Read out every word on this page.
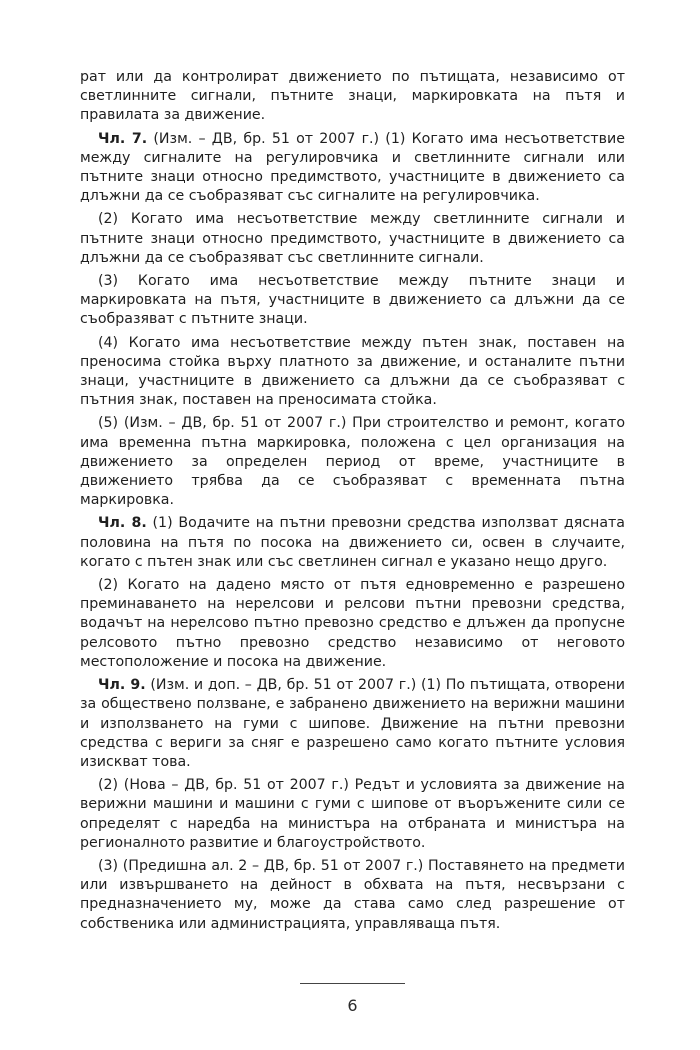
рат или да контролират движението по пътищата, независимо от светлинните сигнали, пътните знаци, маркировката на пътя и правилата за движение.

Чл. 7. (Изм. – ДВ, бр. 51 от 2007 г.) (1) Когато има несъответствие между сигналите на регулировчика и светлинните сигнали или пътните знаци относно предимството, участниците в движението са длъжни да се съобразяват със сигналите на регулировчика.

(2) Когато има несъответствие между светлинните сигнали и пътните знаци относно предимството, участниците в движението са длъжни да се съобразяват със светлинните сигнали.

(3) Когато има несъответствие между пътните знаци и маркировката на пътя, участниците в движението са длъжни да се съобразяват с пътните знаци.

(4) Когато има несъответствие между пътен знак, поставен на преносима стойка върху платното за движение, и останалите пътни знаци, участниците в движението са длъжни да се съобразяват с пътния знак, поставен на преносимата стойка.

(5) (Изм. – ДВ, бр. 51 от 2007 г.) При строителство и ремонт, когато има временна пътна маркировка, положена с цел организация на движението за определен период от време, участниците в движението трябва да се съобразяват с временната пътна маркировка.

Чл. 8. (1) Водачите на пътни превозни средства използват дясната половина на пътя по посока на движението си, освен в случаите, когато с пътен знак или със светлинен сигнал е указано нещо друго.

(2) Когато на дадено място от пътя едновременно е разрешено преминаването на нерелсови и релсови пътни превозни средства, водачът на нерелсово пътно превозно средство е длъжен да пропусне релсовото пътно превозно средство независимо от неговото местоположение и посока на движение.

Чл. 9. (Изм. и доп. – ДВ, бр. 51 от 2007 г.) (1) По пътищата, отворени за обществено ползване, е забранено движението на верижни машини и използването на гуми с шипове. Движение на пътни превозни средства с вериги за сняг е разрешено само когато пътните условия изискват това.

(2) (Нова – ДВ, бр. 51 от 2007 г.) Редът и условията за движение на верижни машини и машини с гуми с шипове от въоръжените сили се определят с наредба на министъра на отбраната и министъра на регионалното развитие и благоустройството.

(3) (Предишна ал. 2 – ДВ, бр. 51 от 2007 г.) Поставянето на предмети или извършването на дейност в обхвата на пътя, несвързани с предназначението му, може да става само след разрешение от собственика или администрацията, управляваща пътя.

6
